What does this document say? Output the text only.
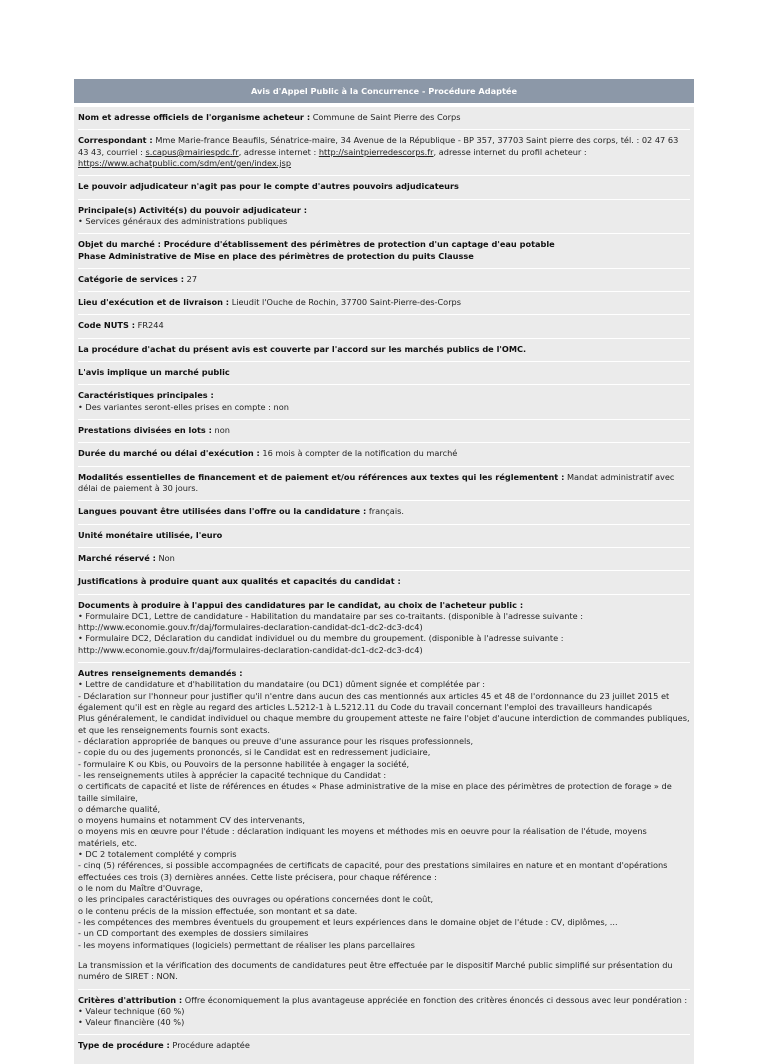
Avis d'Appel Public à la Concurrence - Procédure Adaptée

Nom et adresse officiels de l'organisme acheteur : Commune de Saint Pierre des Corps

Correspondant : Mme Marie-france Beaufils, Sénatrice-maire, 34 Avenue de la République - BP 357, 37703 Saint pierre des corps, tél. : 02 47 63 43 43, courriel : s.capus@mairiespdc.fr, adresse internet : http://saintpierredescorps.fr, adresse internet du profil acheteur : https://www.achatpublic.com/sdm/ent/gen/index.jsp

Le pouvoir adjudicateur n'agit pas pour le compte d'autres pouvoirs adjudicateurs

Principale(s) Activité(s) du pouvoir adjudicateur :
• Services généraux des administrations publiques
Objet du marché : Procédure d'établissement des périmètres de protection d'un captage d'eau potable
Phase Administrative de Mise en place des périmètres de protection du puits Clausse

Catégorie de services : 27

Lieu d'exécution et de livraison : Lieudit l'Ouche de Rochin, 37700 Saint-Pierre-des-Corps

Code NUTS : FR244

La procédure d'achat du présent avis est couverte par l'accord sur les marchés publics de l'OMC.

L'avis implique un marché public

Caractéristiques principales :
• Des variantes seront-elles prises en compte : non

Prestations divisées en lots : non

Durée du marché ou délai d'exécution : 16 mois à compter de la notification du marché

Modalités essentielles de financement et de paiement et/ou références aux textes qui les réglementent : Mandat administratif avec délai de paiement à 30 jours.

Langues pouvant être utilisées dans l'offre ou la candidature : français.

Unité monétaire utilisée, l'euro

Marché réservé : Non

Justifications à produire quant aux qualités et capacités du candidat :

Documents à produire à l'appui des candidatures par le candidat, au choix de l'acheteur public :
• Formulaire DC1, Lettre de candidature - Habilitation du mandataire par ses co-traitants. (disponible à l'adresse suivante : http://www.economie.gouv.fr/daj/formulaires-declaration-candidat-dc1-dc2-dc3-dc4)
• Formulaire DC2, Déclaration du candidat individuel ou du membre du groupement. (disponible à l'adresse suivante : http://www.economie.gouv.fr/daj/formulaires-declaration-candidat-dc1-dc2-dc3-dc4)
Autres renseignements demandés :
• Lettre de candidature et d'habilitation du mandataire (ou DC1) dûment signée et complétée par :
- Déclaration sur l'honneur pour justifier qu'il n'entre dans aucun des cas mentionnés aux articles 45 et 48 de l'ordonnance du 23 juillet 2015 et également qu'il est en règle au regard des articles L.5212-1 à L.5212.11 du Code du travail concernant l'emploi des travailleurs handicapés
Plus généralement, le candidat individuel ou chaque membre du groupement atteste ne faire l'objet d'aucune interdiction de commandes publiques, et que les renseignements fournis sont exacts.
- déclaration appropriée de banques ou preuve d'une assurance pour les risques professionnels,
- copie du ou des jugements prononcés, si le Candidat est en redressement judiciaire,
- formulaire K ou Kbis, ou Pouvoirs de la personne habilitée à engager la société,
- les renseignements utiles à apprécier la capacité technique du Candidat :
o certificats de capacité et liste de références en études « Phase administrative de la mise en place des périmètres de protection de forage » de taille similaire,
o démarche qualité,
o moyens humains et notamment CV des intervenants,
o moyens mis en œuvre pour l'étude : déclaration indiquant les moyens et méthodes mis en oeuvre pour la réalisation de l'étude, moyens matériels, etc.
• DC 2 totalement complété y compris
- cinq (5) références, si possible accompagnées de certificats de capacité, pour des prestations similaires en nature et en montant d'opérations effectuées ces trois (3) dernières années. Cette liste précisera, pour chaque référence :
o le nom du Maître d'Ouvrage,
o les principales caractéristiques des ouvrages ou opérations concernées dont le coût,
o le contenu précis de la mission effectuée, son montant et sa date.
- les compétences des membres éventuels du groupement et leurs expériences dans le domaine objet de l'étude : CV, diplômes, ...
- un CD comportant des exemples de dossiers similaires
- les moyens informatiques (logiciels) permettant de réaliser les plans parcellaires
La transmission et la vérification des documents de candidatures peut être effectuée par le dispositif Marché public simplifié sur présentation du numéro de SIRET : NON.

Critères d'attribution : Offre économiquement la plus avantageuse appréciée en fonction des critères énoncés ci dessous avec leur pondération :

• Valeur technique (60 %)
• Valeur financière (40 %)

Type de procédure : Procédure adaptée
